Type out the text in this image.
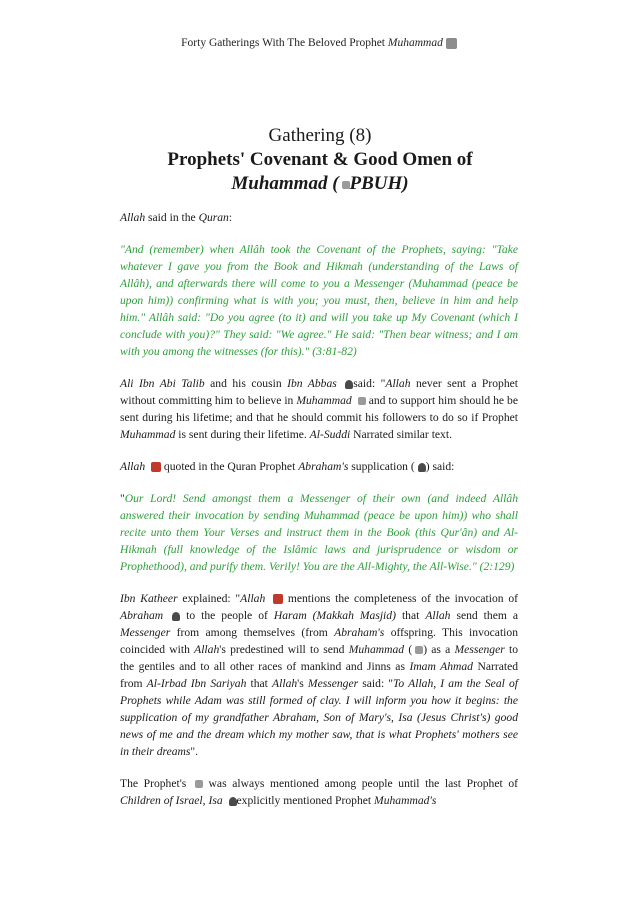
Forty Gatherings With The Beloved Prophet Muhammad
Gathering (8)
Prophets' Covenant & Good Omen of
Muhammad ( PBUH)

Allah said in the Quran:

"And (remember) when Allâh took the Covenant of the Prophets, saying: "Take whatever I gave you from the Book and Hikmah (understanding of the Laws of Allâh), and afterwards there will come to you a Messenger (Muhammad (peace be upon him)) confirming what is with you; you must, then, believe in him and help him." Allâh said: "Do you agree (to it) and will you take up My Covenant (which I conclude with you)?" They said: "We agree." He said: "Then bear witness; and I am with you among the witnesses (for this)." (3:81-82)

Ali Ibn Abi Talib and his cousin Ibn Abbas said: "Allah never sent a Prophet without committing him to believe in Muhammad  and to support him should he be sent during his lifetime; and that he should commit his followers to do so if Prophet Muhammad is sent during their lifetime. Al-Suddi Narrated similar text.

Allah  quoted in the Quran Prophet Abraham's supplication ( ) said:

"Our Lord! Send amongst them a Messenger of their own (and indeed Allâh answered their invocation by sending Muhammad (peace be upon him)) who shall recite unto them Your Verses and instruct them in the Book (this Qur'ân) and Al-Hikmah (full knowledge of the Islâmic laws and jurisprudence or wisdom or Prophethood), and purify them. Verily! You are the All-Mighty, the All-Wise." (2:129)

Ibn Katheer explained: "Allah  mentions the completeness of the invocation of Abraham  to the people of Haram (Makkah Masjid) that Allah send them a Messenger from among themselves (from Abraham's offspring. This invocation coincided with Allah's predestined will to send Muhammad ( ) as a Messenger to the gentiles and to all other races of mankind and Jinns as Imam Ahmad Narrated from Al-Irbad Ibn Sariyah that Allah's Messenger said: "To Allah, I am the Seal of Prophets while Adam was still formed of clay. I will inform you how it begins: the supplication of my grandfather Abraham, Son of Mary's, Isa (Jesus Christ's) good news of me and the dream which my mother saw, that is what Prophets' mothers see in their dreams".

The Prophet's  was always mentioned among people until the last Prophet of Children of Israel, Isa explicitly mentioned Prophet Muhammad's
